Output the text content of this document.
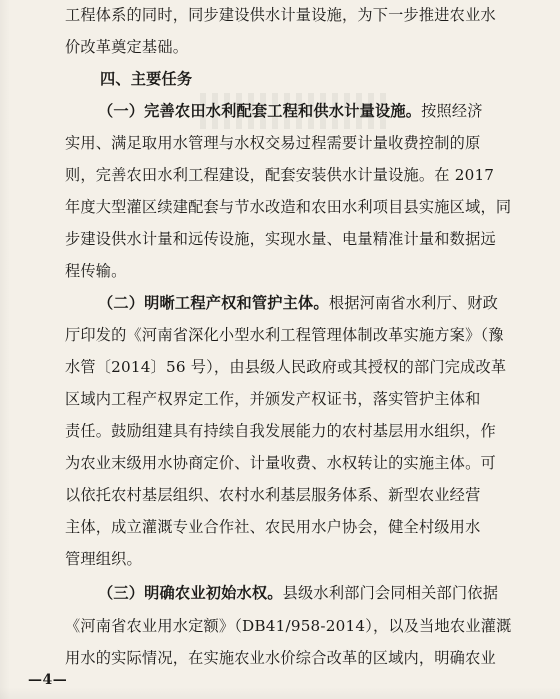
工程体系的同时，同步建设供水计量设施，为下一步推进农业水
价改革奠定基础。
四、主要任务
（一）完善农田水利配套工程和供水计量设施。按照经济
实用、满足取用水管理与水权交易过程需要计量收费控制的原
则，完善农田水利工程建设，配套安装供水计量设施。在 2017
年度大型灌区续建配套与节水改造和农田水利项目县实施区域，同
步建设供水计量和远传设施，实现水量、电量精准计量和数据远
程传输。
（二）明晰工程产权和管护主体。根据河南省水利厅、财政
厅印发的《河南省深化小型水利工程管理体制改革实施方案》（豫
水管〔2014〕56 号），由县级人民政府或其授权的部门完成改革
区域内工程产权界定工作，并颁发产权证书，落实管护主体和
责任。鼓励组建具有持续自我发展能力的农村基层用水组织，作
为农业末级用水协商定价、计量收费、水权转让的实施主体。可
以依托农村基层组织、农村水利基层服务体系、新型农业经营
主体，成立灌溉专业合作社、农民用水户协会，健全村级用水
管理组织。
（三）明确农业初始水权。县级水利部门会同相关部门依据
《河南省农业用水定额》（DB41/958-2014），以及当地农业灌溉
用水的实际情况，在实施农业水价综合改革的区域内，明确农业
—4—
